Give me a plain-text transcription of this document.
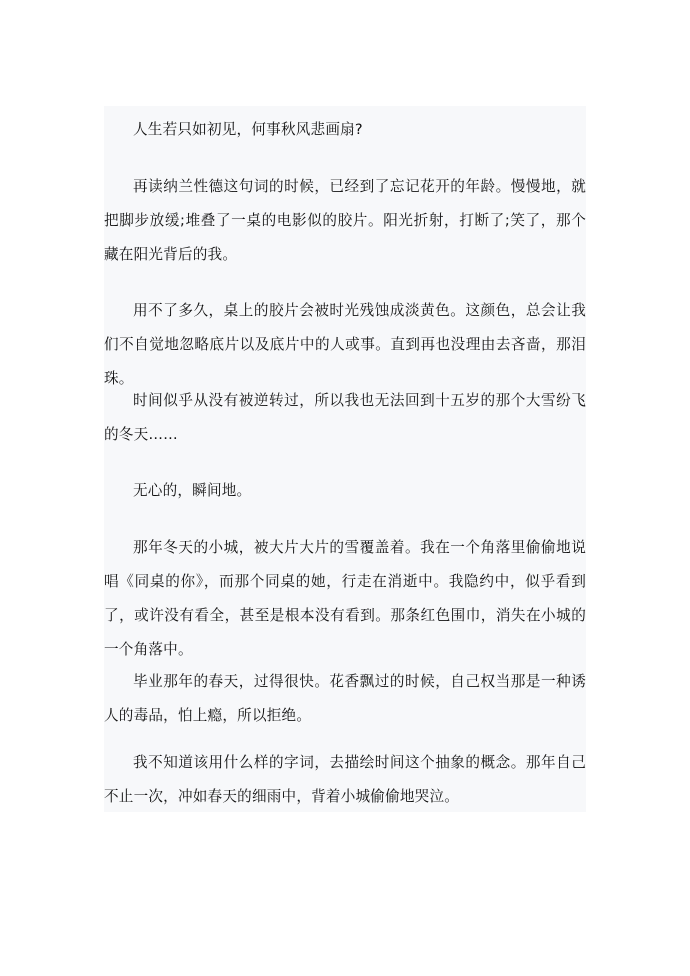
人生若只如初见，何事秋风悲画扇?

再读纳兰性德这句词的时候，已经到了忘记花开的年龄。慢慢地，就把脚步放缓;堆叠了一桌的电影似的胶片。阳光折射，打断了;笑了，那个藏在阳光背后的我。

用不了多久，桌上的胶片会被时光残蚀成淡黄色。这颜色，总会让我们不自觉地忽略底片以及底片中的人或事。直到再也没理由去吝啬，那泪珠。

时间似乎从没有被逆转过，所以我也无法回到十五岁的那个大雪纷飞的冬天……

无心的，瞬间地。

那年冬天的小城，被大片大片的雪覆盖着。我在一个角落里偷偷地说唱《同桌的你》，而那个同桌的她，行走在消逝中。我隐约中，似乎看到了，或许没有看全，甚至是根本没有看到。那条红色围巾，消失在小城的一个角落中。

毕业那年的春天，过得很快。花香飘过的时候，自己权当那是一种诱人的毒品，怕上瘾，所以拒绝。

我不知道该用什么样的字词，去描绘时间这个抽象的概念。那年自己不止一次，冲如春天的细雨中，背着小城偷偷地哭泣。
